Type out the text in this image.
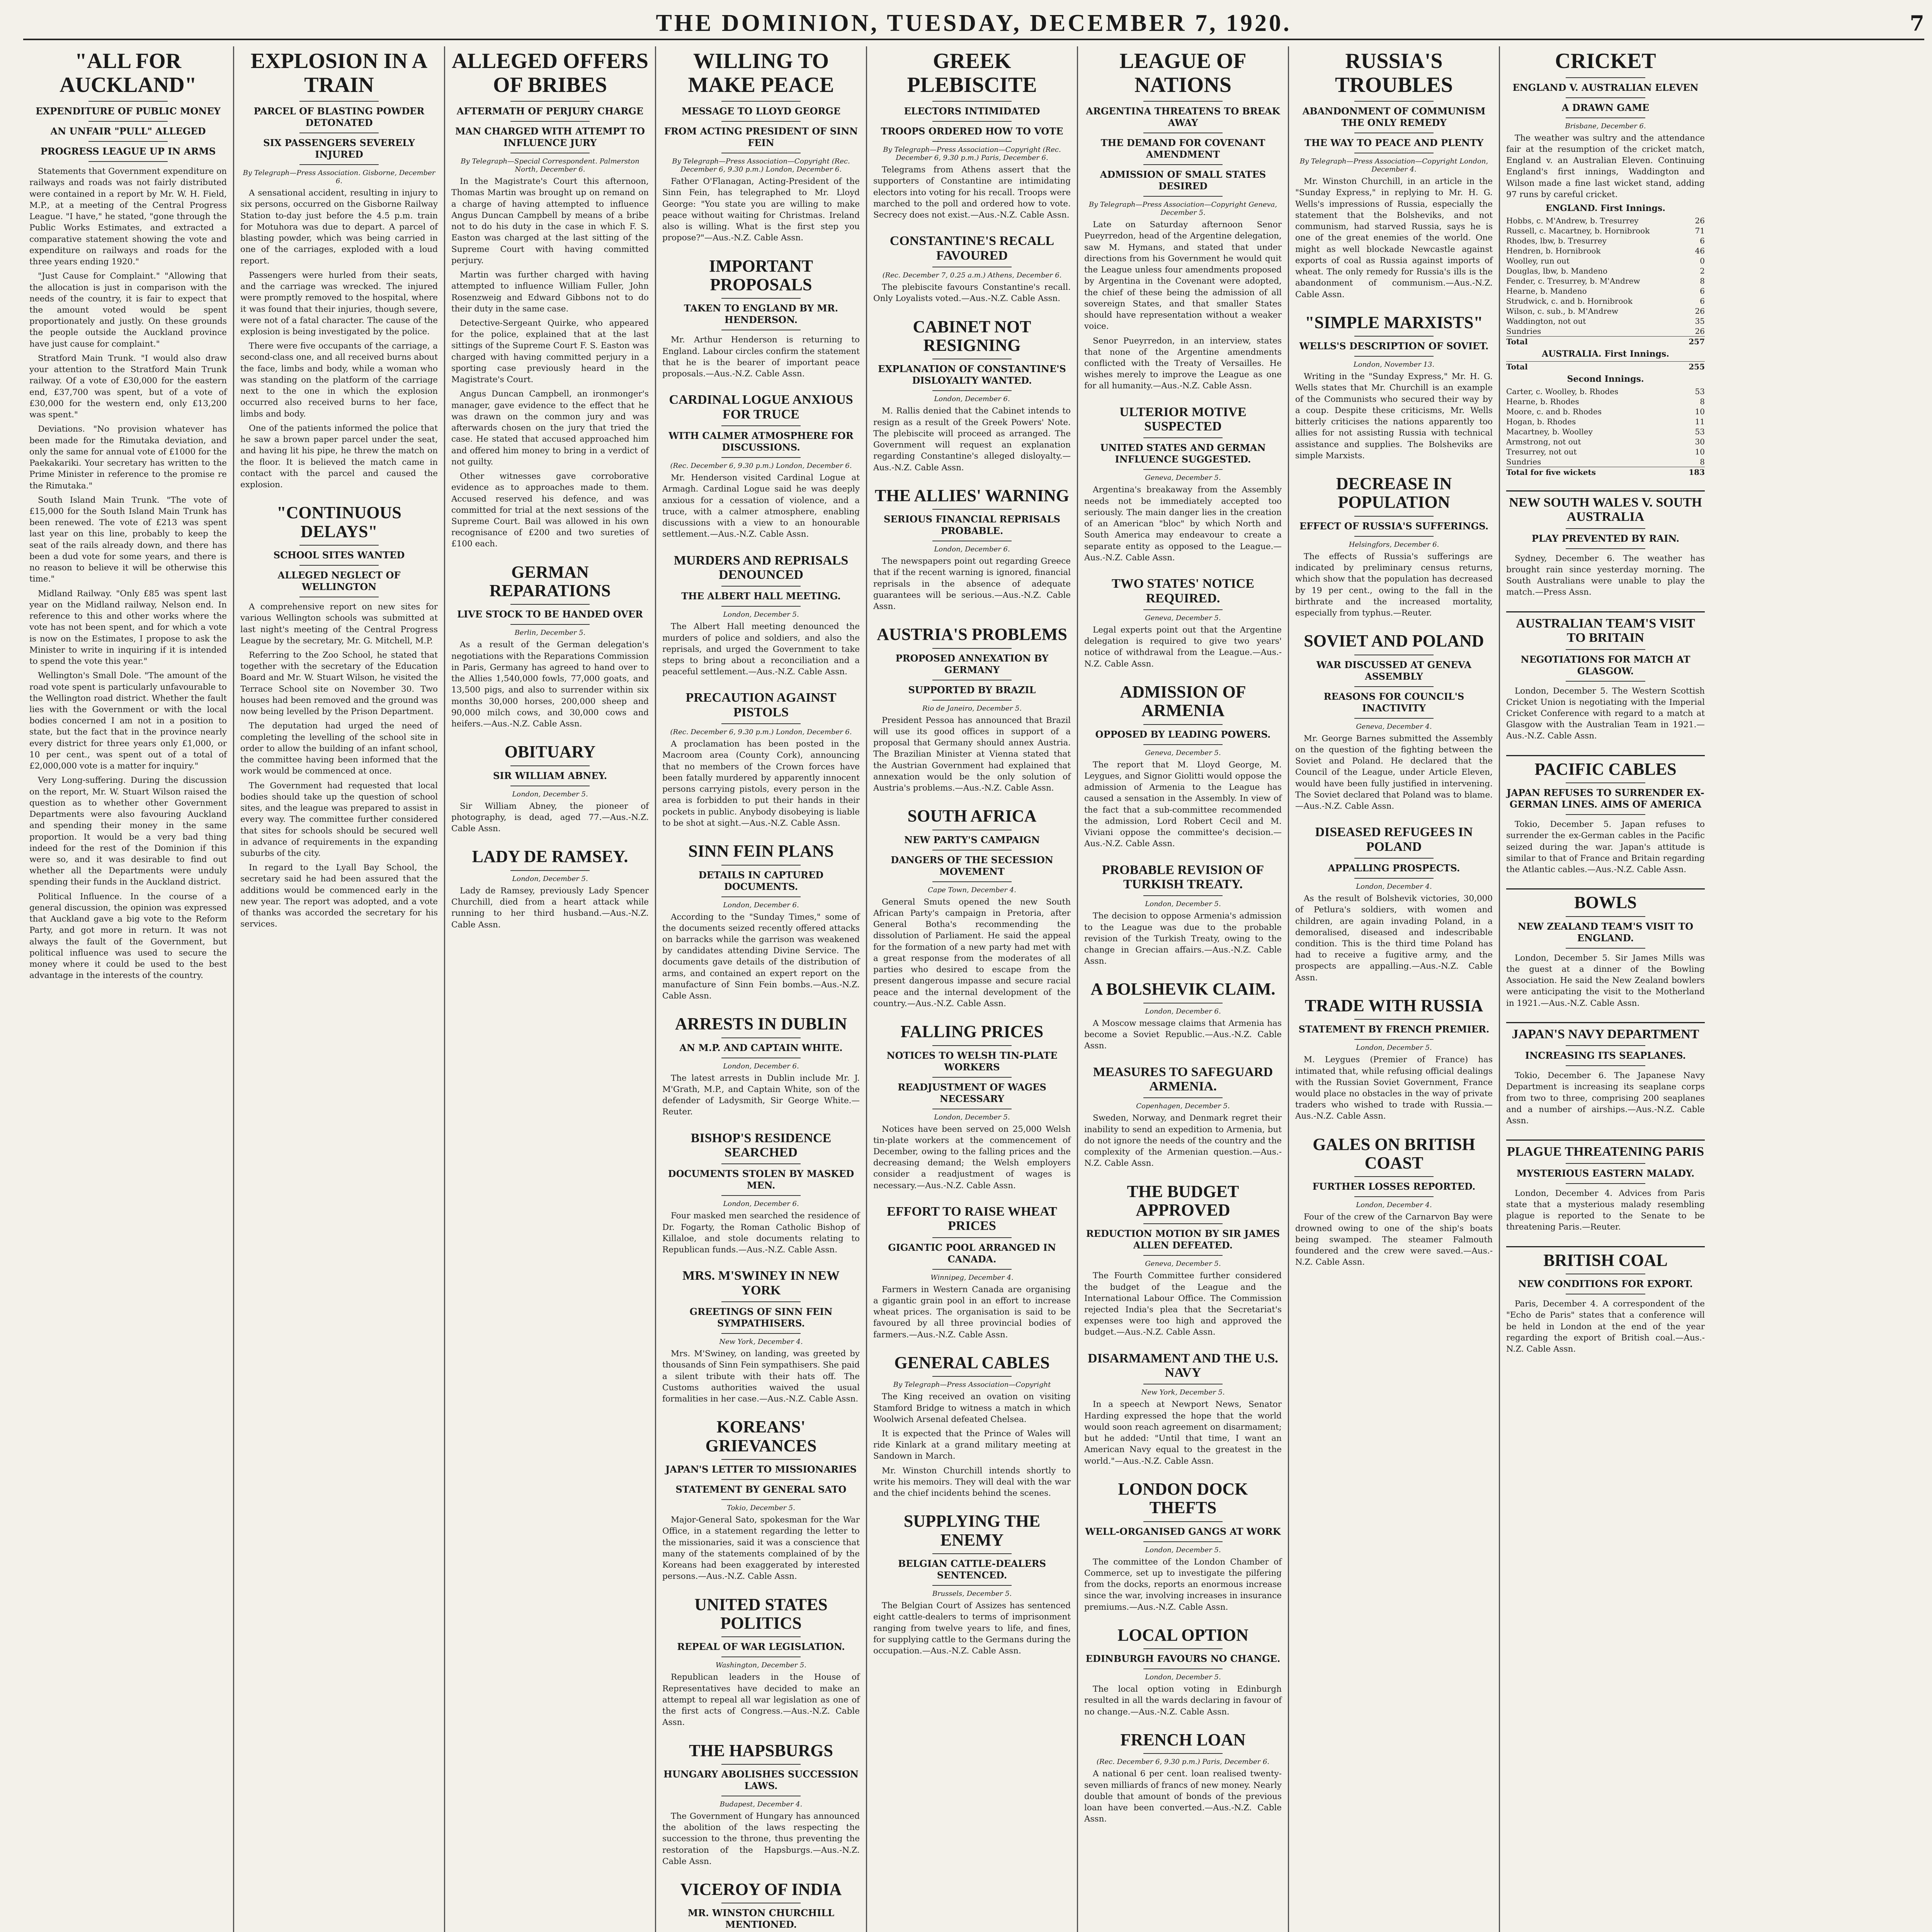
THE DOMINION, TUESDAY, DECEMBER 7, 1920.	7
"ALL FOR AUCKLAND"
EXPENDITURE OF PUBLIC MONEY
AN UNFAIR "PULL" ALLEGED
PROGRESS LEAGUE UP IN ARMS

Statements that Government expenditure on railways and roads was not fairly distributed were contained in a report by Mr. W. H. Field, M.P., at a meeting of the Central Progress League. "I have," he stated, "gone through the Public Works Estimates, and extracted a comparative statement showing the vote and expenditure on railways and roads for the three years ending 1920."

"Just Cause for Complaint." "Allowing that the allocation is just in comparison with the needs of the country, it is fair to expect that the amount voted would be spent proportionately and justly. On these grounds the people outside the Auckland province have just cause for complaint."

Stratford Main Trunk. "I would also draw your attention to the Stratford Main Trunk railway. Of a vote of £30,000 for the eastern end, £37,700 was spent, but of a vote of £30,000 for the western end, only £13,200 was spent."

Deviations. "No provision whatever has been made for the Rimutaka deviation, and only the same for annual vote of £1000 for the Paekakariki. Your secretary has written to the Prime Minister in reference to the promise re the Rimutaka."

South Island Main Trunk. "The vote of £15,000 for the South Island Main Trunk has been renewed. The vote of £213 was spent last year on this line, probably to keep the seat of the rails already down, and there has been a dud vote for some years, and there is no reason to believe it will be otherwise this time."

Midland Railway. "Only £85 was spent last year on the Midland railway, Nelson end. In reference to this and other works where the vote has not been spent, and for which a vote is now on the Estimates, I propose to ask the Minister to write in inquiring if it is intended to spend the vote this year."

Wellington's Small Dole. "The amount of the road vote spent is particularly unfavourable to the Wellington road district. Whether the fault lies with the Government or with the local bodies concerned I am not in a position to state, but the fact that in the province nearly every district for three years only £1,000, or 10 per cent., was spent out of a total of £2,000,000 vote is a matter for inquiry."

Very Long-suffering. During the discussion on the report, Mr. W. Stuart Wilson raised the question as to whether other Government Departments were also favouring Auckland and spending their money in the same proportion. It would be a very bad thing indeed for the rest of the Dominion if this were so, and it was desirable to find out whether all the Departments were unduly spending their funds in the Auckland district.

Political Influence. In the course of a general discussion, the opinion was expressed that Auckland gave a big vote to the Reform Party, and got more in return. It was not always the fault of the Government, but political influence was used to secure the money where it could be used to the best advantage in the interests of the country.

EXPLOSION IN A TRAIN
PARCEL OF BLASTING POWDER DETONATED
SIX PASSENGERS SEVERELY INJURED
By Telegraph—Press Association. Gisborne, December 6.

A sensational accident, resulting in injury to six persons, occurred on the Gisborne Railway Station to-day just before the 4.5 p.m. train for Motuhora was due to depart. A parcel of blasting powder, which was being carried in one of the carriages, exploded with a loud report.

Passengers were hurled from their seats, and the carriage was wrecked. The injured were promptly removed to the hospital, where it was found that their injuries, though severe, were not of a fatal character. The cause of the explosion is being investigated by the police.

There were five occupants of the carriage, a second-class one, and all received burns about the face, limbs and body, while a woman who was standing on the platform of the carriage next to the one in which the explosion occurred also received burns to her face, limbs and body.

One of the patients informed the police that he saw a brown paper parcel under the seat, and having lit his pipe, he threw the match on the floor. It is believed the match came in contact with the parcel and caused the explosion.

"CONTINUOUS DELAYS"
SCHOOL SITES WANTED
ALLEGED NEGLECT OF WELLINGTON

A comprehensive report on new sites for various Wellington schools was submitted at last night's meeting of the Central Progress League by the secretary, Mr. G. Mitchell, M.P.

Referring to the Zoo School, he stated that together with the secretary of the Education Board and Mr. W. Stuart Wilson, he visited the Terrace School site on November 30. Two houses had been removed and the ground was now being levelled by the Prison Department.

The deputation had urged the need of completing the levelling of the school site in order to allow the building of an infant school, the committee having been informed that the work would be commenced at once.

The Government had requested that local bodies should take up the question of school sites, and the league was prepared to assist in every way. The committee further considered that sites for schools should be secured well in advance of requirements in the expanding suburbs of the city.

In regard to the Lyall Bay School, the secretary said he had been assured that the additions would be commenced early in the new year. The report was adopted, and a vote of thanks was accorded the secretary for his services.

ALLEGED OFFERS OF BRIBES
AFTERMATH OF PERJURY CHARGE
MAN CHARGED WITH ATTEMPT TO INFLUENCE JURY
By Telegraph—Special Correspondent. Palmerston North, December 6.

In the Magistrate's Court this afternoon, Thomas Martin was brought up on remand on a charge of having attempted to influence Angus Duncan Campbell by means of a bribe not to do his duty in the case in which F. S. Easton was charged at the last sitting of the Supreme Court with having committed perjury.

Martin was further charged with having attempted to influence William Fuller, John Rosenzweig and Edward Gibbons not to do their duty in the same case.

Detective-Sergeant Quirke, who appeared for the police, explained that at the last sittings of the Supreme Court F. S. Easton was charged with having committed perjury in a sporting case previously heard in the Magistrate's Court.

Angus Duncan Campbell, an ironmonger's manager, gave evidence to the effect that he was drawn on the common jury and was afterwards chosen on the jury that tried the case. He stated that accused approached him and offered him money to bring in a verdict of not guilty.

Other witnesses gave corroborative evidence as to approaches made to them. Accused reserved his defence, and was committed for trial at the next sessions of the Supreme Court. Bail was allowed in his own recognisance of £200 and two sureties of £100 each.

GERMAN REPARATIONS
LIVE STOCK TO BE HANDED OVER
Berlin, December 5.

As a result of the German delegation's negotiations with the Reparations Commission in Paris, Germany has agreed to hand over to the Allies 1,540,000 fowls, 77,000 goats, and 13,500 pigs, and also to surrender within six months 30,000 horses, 200,000 sheep and 90,000 milch cows, and 30,000 cows and heifers.—Aus.-N.Z. Cable Assn.

OBITUARY
SIR WILLIAM ABNEY.
London, December 5.

Sir William Abney, the pioneer of photography, is dead, aged 77.—Aus.-N.Z. Cable Assn.

LADY DE RAMSEY.
London, December 5.

Lady de Ramsey, previously Lady Spencer Churchill, died from a heart attack while running to her third husband.—Aus.-N.Z. Cable Assn.

WILLING TO MAKE PEACE
MESSAGE TO LLOYD GEORGE
FROM ACTING PRESIDENT OF SINN FEIN
By Telegraph—Press Association—Copyright (Rec. December 6, 9.30 p.m.) London, December 6.

Father O'Flanagan, Acting-President of the Sinn Fein, has telegraphed to Mr. Lloyd George: "You state you are willing to make peace without waiting for Christmas. Ireland also is willing. What is the first step you propose?"—Aus.-N.Z. Cable Assn.

IMPORTANT PROPOSALS
TAKEN TO ENGLAND BY MR. HENDERSON.

Mr. Arthur Henderson is returning to England. Labour circles confirm the statement that he is the bearer of important peace proposals.—Aus.-N.Z. Cable Assn.

CARDINAL LOGUE ANXIOUS FOR TRUCE
WITH CALMER ATMOSPHERE FOR DISCUSSIONS.
(Rec. December 6, 9.30 p.m.) London, December 6.

Mr. Henderson visited Cardinal Logue at Armagh. Cardinal Logue said he was deeply anxious for a cessation of violence, and a truce, with a calmer atmosphere, enabling discussions with a view to an honourable settlement.—Aus.-N.Z. Cable Assn.

MURDERS AND REPRISALS DENOUNCED
THE ALBERT HALL MEETING.
London, December 5.

The Albert Hall meeting denounced the murders of police and soldiers, and also the reprisals, and urged the Government to take steps to bring about a reconciliation and a peaceful settlement.—Aus.-N.Z. Cable Assn.

PRECAUTION AGAINST PISTOLS
(Rec. December 6, 9.30 p.m.) London, December 6.

A proclamation has been posted in the Macroom area (County Cork), announcing that no members of the Crown forces have been fatally murdered by apparently innocent persons carrying pistols, every person in the area is forbidden to put their hands in their pockets in public. Anybody disobeying is liable to be shot at sight.—Aus.-N.Z. Cable Assn.

SINN FEIN PLANS
DETAILS IN CAPTURED DOCUMENTS.
London, December 6.

According to the "Sunday Times," some of the documents seized recently offered attacks on barracks while the garrison was weakened by candidates attending Divine Service. The documents gave details of the distribution of arms, and contained an expert report on the manufacture of Sinn Fein bombs.—Aus.-N.Z. Cable Assn.

ARRESTS IN DUBLIN
AN M.P. AND CAPTAIN WHITE.
London, December 6.

The latest arrests in Dublin include Mr. J. M'Grath, M.P., and Captain White, son of the defender of Ladysmith, Sir George White.—Reuter.

BISHOP'S RESIDENCE SEARCHED
DOCUMENTS STOLEN BY MASKED MEN.
London, December 6.

Four masked men searched the residence of Dr. Fogarty, the Roman Catholic Bishop of Killaloe, and stole documents relating to Republican funds.—Aus.-N.Z. Cable Assn.

MRS. M'SWINEY IN NEW YORK
GREETINGS OF SINN FEIN SYMPATHISERS.
New York, December 4.

Mrs. M'Swiney, on landing, was greeted by thousands of Sinn Fein sympathisers. She paid a silent tribute with their hats off. The Customs authorities waived the usual formalities in her case.—Aus.-N.Z. Cable Assn.

KOREANS' GRIEVANCES
JAPAN'S LETTER TO MISSIONARIES
STATEMENT BY GENERAL SATO
Tokio, December 5.

Major-General Sato, spokesman for the War Office, in a statement regarding the letter to the missionaries, said it was a conscience that many of the statements complained of by the Koreans had been exaggerated by interested persons.—Aus.-N.Z. Cable Assn.

UNITED STATES POLITICS
REPEAL OF WAR LEGISLATION.
Washington, December 5.

Republican leaders in the House of Representatives have decided to make an attempt to repeal all war legislation as one of the first acts of Congress.—Aus.-N.Z. Cable Assn.

THE HAPSBURGS
HUNGARY ABOLISHES SUCCESSION LAWS.
Budapest, December 4.

The Government of Hungary has announced the abolition of the laws respecting the succession to the throne, thus preventing the restoration of the Hapsburgs.—Aus.-N.Z. Cable Assn.

VICEROY OF INDIA
MR. WINSTON CHURCHILL MENTIONED.

GREEK PLEBISCITE
ELECTORS INTIMIDATED
TROOPS ORDERED HOW TO VOTE
By Telegraph—Press Association—Copyright (Rec. December 6, 9.30 p.m.) Paris, December 6.

Telegrams from Athens assert that the supporters of Constantine are intimidating electors into voting for his recall. Troops were marched to the poll and ordered how to vote. Secrecy does not exist.—Aus.-N.Z. Cable Assn.

CONSTANTINE'S RECALL FAVOURED
(Rec. December 7, 0.25 a.m.) Athens, December 6.

The plebiscite favours Constantine's recall. Only Loyalists voted.—Aus.-N.Z. Cable Assn.

CABINET NOT RESIGNING
EXPLANATION OF CONSTANTINE'S DISLOYALTY WANTED.
London, December 6.

M. Rallis denied that the Cabinet intends to resign as a result of the Greek Powers' Note. The plebiscite will proceed as arranged. The Government will request an explanation regarding Constantine's alleged disloyalty.—Aus.-N.Z. Cable Assn.

THE ALLIES' WARNING
SERIOUS FINANCIAL REPRISALS PROBABLE.
London, December 6.

The newspapers point out regarding Greece that if the recent warning is ignored, financial reprisals in the absence of adequate guarantees will be serious.—Aus.-N.Z. Cable Assn.

AUSTRIA'S PROBLEMS
PROPOSED ANNEXATION BY GERMANY
SUPPORTED BY BRAZIL
Rio de Janeiro, December 5.

President Pessoa has announced that Brazil will use its good offices in support of a proposal that Germany should annex Austria. The Brazilian Minister at Vienna stated that the Austrian Government had explained that annexation would be the only solution of Austria's problems.—Aus.-N.Z. Cable Assn.

SOUTH AFRICA
NEW PARTY'S CAMPAIGN
DANGERS OF THE SECESSION MOVEMENT
Cape Town, December 4.

General Smuts opened the new South African Party's campaign in Pretoria, after General Botha's recommending the dissolution of Parliament. He said the appeal for the formation of a new party had met with a great response from the moderates of all parties who desired to escape from the present dangerous impasse and secure racial peace and the internal development of the country.—Aus.-N.Z. Cable Assn.

FALLING PRICES
NOTICES TO WELSH TIN-PLATE WORKERS
READJUSTMENT OF WAGES NECESSARY
London, December 5.

Notices have been served on 25,000 Welsh tin-plate workers at the commencement of December, owing to the falling prices and the decreasing demand; the Welsh employers consider a readjustment of wages is necessary.—Aus.-N.Z. Cable Assn.

EFFORT TO RAISE WHEAT PRICES
GIGANTIC POOL ARRANGED IN CANADA.
Winnipeg, December 4.

Farmers in Western Canada are organising a gigantic grain pool in an effort to increase wheat prices. The organisation is said to be favoured by all three provincial bodies of farmers.—Aus.-N.Z. Cable Assn.

GENERAL CABLES
By Telegraph—Press Association—Copyright

The King received an ovation on visiting Stamford Bridge to witness a match in which Woolwich Arsenal defeated Chelsea.

It is expected that the Prince of Wales will ride Kinlark at a grand military meeting at Sandown in March.

Mr. Winston Churchill intends shortly to write his memoirs. They will deal with the war and the chief incidents behind the scenes.

SUPPLYING THE ENEMY
BELGIAN CATTLE-DEALERS SENTENCED.
Brussels, December 5.

The Belgian Court of Assizes has sentenced eight cattle-dealers to terms of imprisonment ranging from twelve years to life, and fines, for supplying cattle to the Germans during the occupation.—Aus.-N.Z. Cable Assn.

LEAGUE OF NATIONS
ARGENTINA THREATENS TO BREAK AWAY
THE DEMAND FOR COVENANT AMENDMENT
ADMISSION OF SMALL STATES DESIRED
By Telegraph—Press Association—Copyright Geneva, December 5.

Late on Saturday afternoon Senor Pueyrredon, head of the Argentine delegation, saw M. Hymans, and stated that under directions from his Government he would quit the League unless four amendments proposed by Argentina in the Covenant were adopted, the chief of these being the admission of all sovereign States, and that smaller States should have representation without a weaker voice.

Senor Pueyrredon, in an interview, states that none of the Argentine amendments conflicted with the Treaty of Versailles. He wishes merely to improve the League as one for all humanity.—Aus.-N.Z. Cable Assn.

ULTERIOR MOTIVE SUSPECTED
UNITED STATES AND GERMAN INFLUENCE SUGGESTED.
Geneva, December 5.

Argentina's breakaway from the Assembly needs not be immediately accepted too seriously. The main danger lies in the creation of an American "bloc" by which North and South America may endeavour to create a separate entity as opposed to the League.—Aus.-N.Z. Cable Assn.

TWO STATES' NOTICE REQUIRED.
Geneva, December 5.

Legal experts point out that the Argentine delegation is required to give two years' notice of withdrawal from the League.—Aus.-N.Z. Cable Assn.

ADMISSION OF ARMENIA
OPPOSED BY LEADING POWERS.
Geneva, December 5.

The report that M. Lloyd George, M. Leygues, and Signor Giolitti would oppose the admission of Armenia to the League has caused a sensation in the Assembly. In view of the fact that a sub-committee recommended the admission, Lord Robert Cecil and M. Viviani oppose the committee's decision.—Aus.-N.Z. Cable Assn.

PROBABLE REVISION OF TURKISH TREATY.
London, December 5.

The decision to oppose Armenia's admission to the League was due to the probable revision of the Turkish Treaty, owing to the change in Grecian affairs.—Aus.-N.Z. Cable Assn.

A BOLSHEVIK CLAIM.
London, December 6.

A Moscow message claims that Armenia has become a Soviet Republic.—Aus.-N.Z. Cable Assn.

MEASURES TO SAFEGUARD ARMENIA.
Copenhagen, December 5.

Sweden, Norway, and Denmark regret their inability to send an expedition to Armenia, but do not ignore the needs of the country and the complexity of the Armenian question.—Aus.-N.Z. Cable Assn.

THE BUDGET APPROVED
REDUCTION MOTION BY SIR JAMES ALLEN DEFEATED.
Geneva, December 5.

The Fourth Committee further considered the budget of the League and the International Labour Office. The Commission rejected India's plea that the Secretariat's expenses were too high and approved the budget.—Aus.-N.Z. Cable Assn.

DISARMAMENT AND THE U.S. NAVY
New York, December 5.

In a speech at Newport News, Senator Harding expressed the hope that the world would soon reach agreement on disarmament; but he added: "Until that time, I want an American Navy equal to the greatest in the world."—Aus.-N.Z. Cable Assn.

LONDON DOCK THEFTS
WELL-ORGANISED GANGS AT WORK
London, December 5.

The committee of the London Chamber of Commerce, set up to investigate the pilfering from the docks, reports an enormous increase since the war, involving increases in insurance premiums.—Aus.-N.Z. Cable Assn.

LOCAL OPTION
EDINBURGH FAVOURS NO CHANGE.
London, December 5.

The local option voting in Edinburgh resulted in all the wards declaring in favour of no change.—Aus.-N.Z. Cable Assn.

FRENCH LOAN
(Rec. December 6, 9.30 p.m.) Paris, December 6.

A national 6 per cent. loan realised twenty-seven milliards of francs of new money. Nearly double that amount of bonds of the previous loan have been converted.—Aus.-N.Z. Cable Assn.

RUSSIA'S TROUBLES
ABANDONMENT OF COMMUNISM THE ONLY REMEDY
THE WAY TO PEACE AND PLENTY
By Telegraph—Press Association—Copyright London, December 4.

Mr. Winston Churchill, in an article in the "Sunday Express," in replying to Mr. H. G. Wells's impressions of Russia, especially the statement that the Bolsheviks, and not communism, had starved Russia, says he is one of the great enemies of the world. One might as well blockade Newcastle against exports of coal as Russia against imports of wheat. The only remedy for Russia's ills is the abandonment of communism.—Aus.-N.Z. Cable Assn.

"SIMPLE MARXISTS"
WELLS'S DESCRIPTION OF SOVIET.
London, November 13.

Writing in the "Sunday Express," Mr. H. G. Wells states that Mr. Churchill is an example of the Communists who secured their way by a coup. Despite these criticisms, Mr. Wells bitterly criticises the nations apparently too allies for not assisting Russia with technical assistance and supplies. The Bolsheviks are simple Marxists.

DECREASE IN POPULATION
EFFECT OF RUSSIA'S SUFFERINGS.
Helsingfors, December 6.

The effects of Russia's sufferings are indicated by preliminary census returns, which show that the population has decreased by 19 per cent., owing to the fall in the birthrate and the increased mortality, especially from typhus.—Reuter.

SOVIET AND POLAND
WAR DISCUSSED AT GENEVA ASSEMBLY
REASONS FOR COUNCIL'S INACTIVITY
Geneva, December 4.

Mr. George Barnes submitted the Assembly on the question of the fighting between the Soviet and Poland. He declared that the Council of the League, under Article Eleven, would have been fully justified in intervening. The Soviet declared that Poland was to blame.—Aus.-N.Z. Cable Assn.

DISEASED REFUGEES IN POLAND
APPALLING PROSPECTS.
London, December 4.

As the result of Bolshevik victories, 30,000 of Petlura's soldiers, with women and children, are again invading Poland, in a demoralised, diseased and indescribable condition. This is the third time Poland has had to receive a fugitive army, and the prospects are appalling.—Aus.-N.Z. Cable Assn.

TRADE WITH RUSSIA
STATEMENT BY FRENCH PREMIER.
London, December 5.

M. Leygues (Premier of France) has intimated that, while refusing official dealings with the Russian Soviet Government, France would place no obstacles in the way of private traders who wished to trade with Russia.—Aus.-N.Z. Cable Assn.

GALES ON BRITISH COAST
FURTHER LOSSES REPORTED.
London, December 4.

Four of the crew of the Carnarvon Bay were drowned owing to one of the ship's boats being swamped. The steamer Falmouth foundered and the crew were saved.—Aus.-N.Z. Cable Assn.

CRICKET
ENGLAND V. AUSTRALIAN ELEVEN
A DRAWN GAME
Brisbane, December 6.

The weather was sultry and the attendance fair at the resumption of the cricket match, England v. an Australian Eleven. Continuing England's first innings, Waddington and Wilson made a fine last wicket stand, adding 97 runs by careful cricket.

ENGLAND. First Innings.
Hobbs, c. M'Andrew, b. Tresurrey	26
Russell, c. Macartney, b. Hornibrook	71
Rhodes, lbw, b. Tresurrey	6
Hendren, b. Hornibrook	46
Woolley, run out	0
Douglas, lbw, b. Mandeno	2
Fender, c. Tresurrey, b. M'Andrew	8
Hearne, b. Mandeno	6
Strudwick, c. and b. Hornibrook	6
Wilson, c. sub., b. M'Andrew	26
Waddington, not out	35
Sundries	26
Total	257
AUSTRALIA. First Innings.
Total	255
Second Innings.
Carter, c. Woolley, b. Rhodes	53
Hearne, b. Rhodes	8
Moore, c. and b. Rhodes	10
Hogan, b. Rhodes	11
Macartney, b. Woolley	53
Armstrong, not out	30
Tresurrey, not out	10
Sundries	8
Total for five wickets	183
NEW SOUTH WALES V. SOUTH AUSTRALIA
PLAY PREVENTED BY RAIN.

Sydney, December 6. The weather has brought rain since yesterday morning. The South Australians were unable to play the match.—Press Assn.

AUSTRALIAN TEAM'S VISIT TO BRITAIN
NEGOTIATIONS FOR MATCH AT GLASGOW.

London, December 5. The Western Scottish Cricket Union is negotiating with the Imperial Cricket Conference with regard to a match at Glasgow with the Australian Team in 1921.—Aus.-N.Z. Cable Assn.

PACIFIC CABLES
JAPAN REFUSES TO SURRENDER EX-GERMAN LINES. AIMS OF AMERICA

Tokio, December 5. Japan refuses to surrender the ex-German cables in the Pacific seized during the war. Japan's attitude is similar to that of France and Britain regarding the Atlantic cables.—Aus.-N.Z. Cable Assn.

BOWLS
NEW ZEALAND TEAM'S VISIT TO ENGLAND.

London, December 5. Sir James Mills was the guest at a dinner of the Bowling Association. He said the New Zealand bowlers were anticipating the visit to the Motherland in 1921.—Aus.-N.Z. Cable Assn.

JAPAN'S NAVY DEPARTMENT
INCREASING ITS SEAPLANES.

Tokio, December 6. The Japanese Navy Department is increasing its seaplane corps from two to three, comprising 200 seaplanes and a number of airships.—Aus.-N.Z. Cable Assn.

PLAGUE THREATENING PARIS
MYSTERIOUS EASTERN MALADY.

London, December 4. Advices from Paris state that a mysterious malady resembling plague is reported to the Senate to be threatening Paris.—Reuter.

BRITISH COAL
NEW CONDITIONS FOR EXPORT.

Paris, December 4. A correspondent of the "Echo de Paris" states that a conference will be held in London at the end of the year regarding the export of British coal.—Aus.-N.Z. Cable Assn.
